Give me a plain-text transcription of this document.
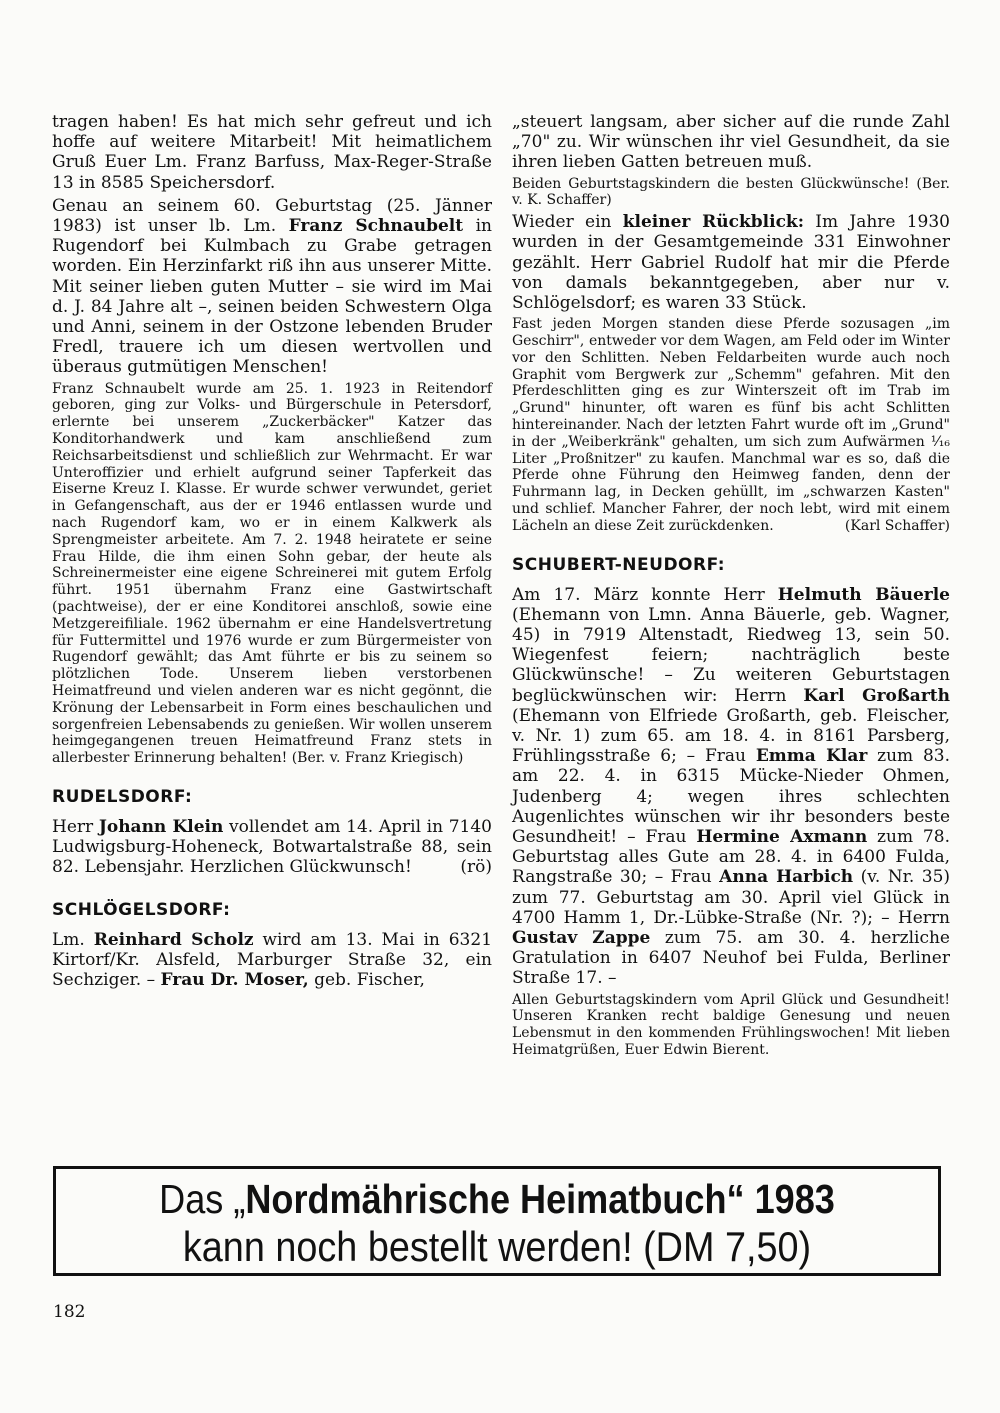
tragen haben! Es hat mich sehr gefreut und ich hoffe auf weitere Mitarbeit! Mit heimatlichem Gruß Euer Lm. Franz Barfuss, Max-Reger-Straße 13 in 8585 Speichersdorf.

Genau an seinem 60. Geburtstag (25. Jänner 1983) ist unser lb. Lm. Franz Schnaubelt in Rugendorf bei Kulmbach zu Grabe getragen worden. Ein Herzinfarkt riß ihn aus unserer Mitte. Mit seiner lieben guten Mutter – sie wird im Mai d. J. 84 Jahre alt –, seinen beiden Schwestern Olga und Anni, seinem in der Ostzone lebenden Bruder Fredl, trauere ich um diesen wertvollen und überaus gutmütigen Menschen!

Franz Schnaubelt wurde am 25. 1. 1923 in Reitendorf geboren, ging zur Volks- und Bürgerschule in Petersdorf, erlernte bei unserem „Zuckerbäcker" Katzer das Konditorhandwerk und kam anschließend zum Reichsarbeitsdienst und schließlich zur Wehrmacht. Er war Unteroffizier und erhielt aufgrund seiner Tapferkeit das Eiserne Kreuz I. Klasse. Er wurde schwer verwundet, geriet in Gefangenschaft, aus der er 1946 entlassen wurde und nach Rugendorf kam, wo er in einem Kalkwerk als Sprengmeister arbeitete. Am 7. 2. 1948 heiratete er seine Frau Hilde, die ihm einen Sohn gebar, der heute als Schreinermeister eine eigene Schreinerei mit gutem Erfolg führt. 1951 übernahm Franz eine Gastwirtschaft (pachtweise), der er eine Konditorei anschloß, sowie eine Metzgereifiliale. 1962 übernahm er eine Handelsvertretung für Futtermittel und 1976 wurde er zum Bürgermeister von Rugendorf gewählt; das Amt führte er bis zu seinem so plötzlichen Tode. Unserem lieben verstorbenen Heimatfreund und vielen anderen war es nicht gegönnt, die Krönung der Lebensarbeit in Form eines beschaulichen und sorgenfreien Lebensabends zu genießen. Wir wollen unserem heimgegangenen treuen Heimatfreund Franz stets in allerbester Erinnerung behalten! (Ber. v. Franz Kriegisch)

RUDELSDORF:

Herr Johann Klein vollendet am 14. April in 7140 Ludwigsburg-Hoheneck, Botwartalstraße 88, sein 82. Lebensjahr. Herzlichen Glückwunsch!	(rö)

SCHLÖGELSDORF:

Lm. Reinhard Scholz wird am 13. Mai in 6321 Kirtorf/Kr. Alsfeld, Marburger Straße 32, ein Sechziger. – Frau Dr. Moser, geb. Fischer,

„steuert langsam, aber sicher auf die runde Zahl „70" zu. Wir wünschen ihr viel Gesundheit, da sie ihren lieben Gatten betreuen muß.

Beiden Geburtstagskindern die besten Glückwünsche! (Ber. v. K. Schaffer)

Wieder ein kleiner Rückblick: Im Jahre 1930 wurden in der Gesamtgemeinde 331 Einwohner gezählt. Herr Gabriel Rudolf hat mir die Pferde von damals bekanntgegeben, aber nur v. Schlögelsdorf; es waren 33 Stück.

Fast jeden Morgen standen diese Pferde sozusagen „im Geschirr", entweder vor dem Wagen, am Feld oder im Winter vor den Schlitten. Neben Feldarbeiten wurde auch noch Graphit vom Bergwerk zur „Schemm" gefahren. Mit den Pferdeschlitten ging es zur Winterszeit oft im Trab im „Grund" hinunter, oft waren es fünf bis acht Schlitten hintereinander. Nach der letzten Fahrt wurde oft im „Grund" in der „Weiberkränk" gehalten, um sich zum Aufwärmen ¹⁄₁₆ Liter „Proßnitzer" zu kaufen. Manchmal war es so, daß die Pferde ohne Führung den Heimweg fanden, denn der Fuhrmann lag, in Decken gehüllt, im „schwarzen Kasten" und schlief. Mancher Fahrer, der noch lebt, wird mit einem Lächeln an diese Zeit zurückdenken.	(Karl Schaffer)

SCHUBERT-NEUDORF:

Am 17. März konnte Herr Helmuth Bäuerle (Ehemann von Lmn. Anna Bäuerle, geb. Wagner, 45) in 7919 Altenstadt, Riedweg 13, sein 50. Wiegenfest feiern; nachträglich beste Glückwünsche! – Zu weiteren Geburtstagen beglückwünschen wir: Herrn Karl Großarth (Ehemann von Elfriede Großarth, geb. Fleischer, v. Nr. 1) zum 65. am 18. 4. in 8161 Parsberg, Frühlingsstraße 6; – Frau Emma Klar zum 83. am 22. 4. in 6315 Mücke-Nieder Ohmen, Judenberg 4; wegen ihres schlechten Augenlichtes wünschen wir ihr besonders beste Gesundheit! – Frau Hermine Axmann zum 78. Geburtstag alles Gute am 28. 4. in 6400 Fulda, Rangstraße 30; – Frau Anna Harbich (v. Nr. 35) zum 77. Geburtstag am 30. April viel Glück in 4700 Hamm 1, Dr.-Lübke-Straße (Nr. ?); – Herrn Gustav Zappe zum 75. am 30. 4. herzliche Gratulation in 6407 Neuhof bei Fulda, Berliner Straße 17. –

Allen Geburtstagskindern vom April Glück und Gesundheit! Unseren Kranken recht baldige Genesung und neuen Lebensmut in den kommenden Frühlingswochen! Mit lieben Heimatgrüßen, Euer Edwin Bierent.

Das „Nordmährische Heimatbuch“ 1983
kann noch bestellt werden! (DM 7,50)
182
